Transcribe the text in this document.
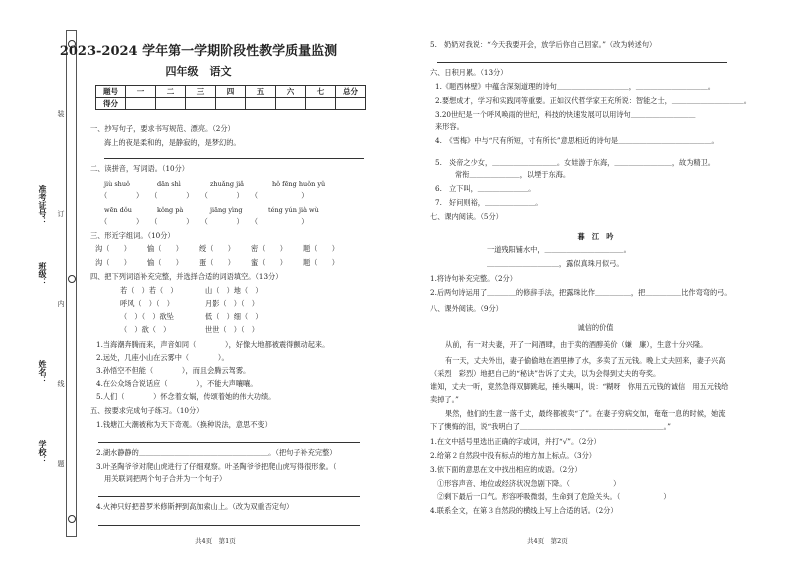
装
订
内
线
题
准考证号：
班级：
姓名：
学校：
2023-2024 学年第一学期阶段性教学质量监测
四年级　语文
题号	一	二	三	四	五	六	七	总分
得分								
一、抄写句子，要求书写规范、漂亮。（2分）
海上的夜是柔和的，是静寂的，是梦幻的。
二、读拼音，写词语。（10分）
jiù shuǒ	dān shì	zhuǎng jiǎ	hǒ fēng huǒn yǔ
（　　　　）　　（　　　　）　　（　　　　）　　（　　　　　　）
wēn dǒu	kǒng pà	jiāng yìng	téng yún jià wù
（　　　　）　　（　　　　）　　（　　　　）　　（　　　　　　）
三、形近字组词。（10分）
沟（　　） 愉（　　） 绶（　　） 密（　　） 题（　　）
沟（　　） 愉（　　） 蛋（　　） 蜜（　　） 题（　　）
四、把下列词语补充完整，并选择合适的词语填空。（13分）
若（　）若（　）	山（　）地（　）
呼风（　）（　）	月影（　）（　）
（　）（　）欲坠	低（　）细（　）
（　）欲（　）	世世（　）（　）
1.当海潮奔腾而来，声音如同（　　　　），好像大地都被震得颤动起来。
2.远处，几座小山在云雾中（　　　　）。
3.孙悟空不但能（　　　　），而且会腾云驾雾。
4.在公众场合说话应（　　　　），不能大声嚷嚷。
5.人们（　　　　）怀念着女娲，传颂着她的伟大功绩。
五、按要求完成句子练习。（10分）
1.钱塘江大潮被称为天下奇观。（换种说法，意思不变）
2.湖水静静的＿＿＿＿＿＿＿＿＿＿＿＿＿＿＿＿＿＿。（把句子补充完整）
3.叶圣陶爷爷对爬山虎进行了仔细观察。叶圣陶爷爷把爬山虎写得很形象。（
用关联词把两个句子合并为一个句子）
4.火神只好把普罗米修斯押到高加索山上。（改为双重否定句）
共4页　第1页
5.　奶奶对我说：“今天我要开会，放学后你自己回家。”（改为转述句）
六、日积月累。（13分）
1.《题西林壁》中蕴含深刻道理的诗句＿＿＿＿＿＿＿＿＿＿，＿＿＿＿＿＿＿＿＿＿。
2.要想成才，学习和实践同等重要。正如汉代哲学家王充所说：智能之士，＿＿＿＿＿＿＿＿＿＿。
3.20世纪是一个呼风唤雨的世纪，科技的快速发展可以用诗句＿＿＿＿＿＿＿＿＿
来形容。
4.　《雪梅》中与“尺有所短，寸有所长”意思相近的诗句是＿＿＿＿＿＿＿＿＿＿＿＿＿。
5.　炎帝之少女，＿＿＿＿＿＿＿＿＿。女娃游于东海，＿＿＿＿＿＿＿＿，故为精卫。
常衔＿＿＿＿＿＿＿，以堙于东海。
6.　立下叫，＿＿＿＿＿＿＿。
7.　好问则裕，＿＿＿＿＿＿＿。
七、课内阅读。（5分）
暮　江　吟
一道残阳铺水中，＿＿＿＿＿＿＿＿＿＿＿。
＿＿＿＿＿＿＿＿＿＿，露似真珠月似弓。
1.将诗句补充完整。（2分）
2.后两句诗运用了＿＿＿＿的修辞手法，把露珠比作＿＿＿＿＿，把＿＿＿＿＿比作弯弯的弓。
八、课外阅读。（9分）
诚信的价值
从前，有一对夫妻，开了一间酒肆，由于卖的酒醇美价（嫌　廉），生意十分兴隆。
有一天，丈夫外出，妻子偷偷地在酒里掺了水，多卖了五元钱。晚上丈夫回来，妻子兴高
（采烈　彩烈）地把自己的“秘诀”告诉了丈夫，以为会得到丈夫的夸奖。
谁知，丈夫一听，竟然急得双脚跳起，捶头嚷叫，说：“糊呀　你用五元钱的诚信　用五元钱给
卖掉了。”
果然，他们的生意一落千丈，最终都被卖“了”。在妻子穷病交加，奄奄一息的时候，她流
下了懊悔的泪，说“我明白了＿＿＿＿＿＿＿＿＿＿＿＿＿＿＿＿＿＿＿＿。”
1.在文中括号里选出正确的字或词，并打“√”。（2分）
2.给第２自然段中没有标点的地方加上标点。（3分）
3.依下面的意思在文中找出相应的成语。（2分）
①形容声音、地位或经济状况急剧下降。（　　　　　　）
②剩下最后一口气。形容呼吸微弱，生命到了危险关头。（　　　　　　）
4.联系全文，在第３自然段的横线上写上合适的话。（2分）
共4页　第2页
